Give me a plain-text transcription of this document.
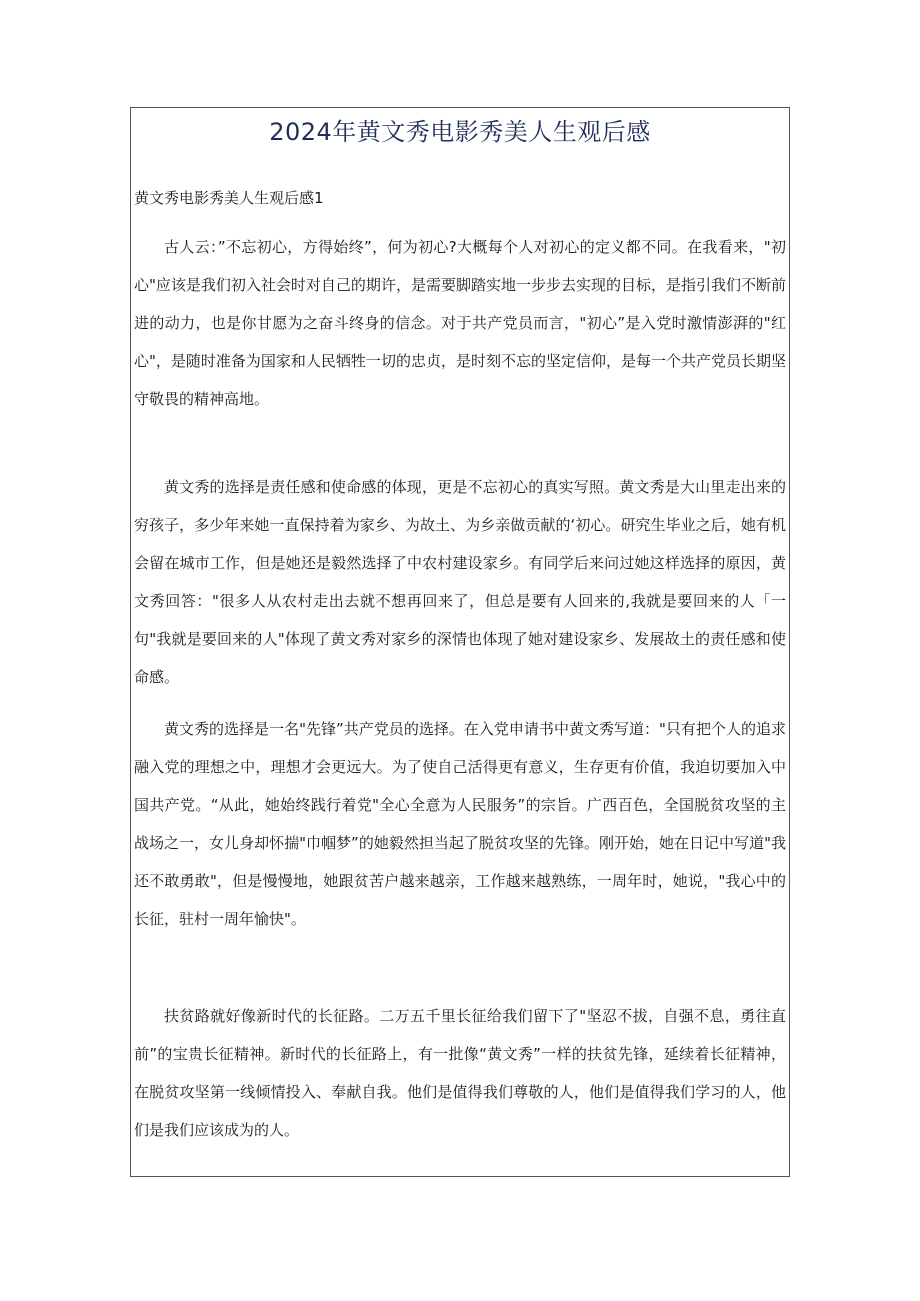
2024年黄文秀电影秀美人生观后感
黄文秀电影秀美人生观后感1

古人云：”不忘初心，方得始终”，何为初心?大概每个人对初心的定义都不同。在我看来，"初心"应该是我们初入社会时对自己的期许，是需要脚踏实地一步步去实现的目标，是指引我们不断前进的动力，也是你甘愿为之奋斗终身的信念。对于共产党员而言，"初心”是入党时激情澎湃的"红心"，是随时准备为国家和人民牺牲一切的忠贞，是时刻不忘的坚定信仰，是每一个共产党员长期坚守敬畏的精神高地。

黄文秀的选择是责任感和使命感的体现，更是不忘初心的真实写照。黄文秀是大山里走出来的穷孩子，多少年来她一直保持着为家乡、为故土、为乡亲做贡献的‘初心。研究生毕业之后，她有机会留在城市工作，但是她还是毅然选择了中农村建设家乡。有同学后来问过她这样选择的原因，黄文秀回答："很多人从农村走出去就不想再回来了，但总是要有人回来的,我就是要回来的人「一句"我就是要回来的人"体现了黄文秀对家乡的深情也体现了她对建设家乡、发展故土的责任感和使命感。

黄文秀的选择是一名"先锋”共产党员的选择。在入党申请书中黄文秀写道："只有把个人的追求融入党的理想之中，理想才会更远大。为了使自己活得更有意义，生存更有价值，我迫切要加入中国共产党。“从此，她始终践行着党"全心全意为人民服务”的宗旨。广西百色，全国脱贫攻坚的主战场之一，女儿身却怀揣"巾帼梦”的她毅然担当起了脱贫攻坚的先锋。刚开始，她在日记中写道"我还不敢勇敢"，但是慢慢地，她跟贫苦户越来越亲，工作越来越熟练，一周年时，她说，"我心中的长征，驻村一周年愉快"。

扶贫路就好像新时代的长征路。二万五千里长征给我们留下了"坚忍不拔，自强不息，勇往直前”的宝贵长征精神。新时代的长征路上，有一批像“黄文秀”一样的扶贫先锋，延续着长征精神，在脱贫攻坚第一线倾情投入、奉献自我。他们是值得我们尊敬的人，他们是值得我们学习的人，他们是我们应该成为的人。
